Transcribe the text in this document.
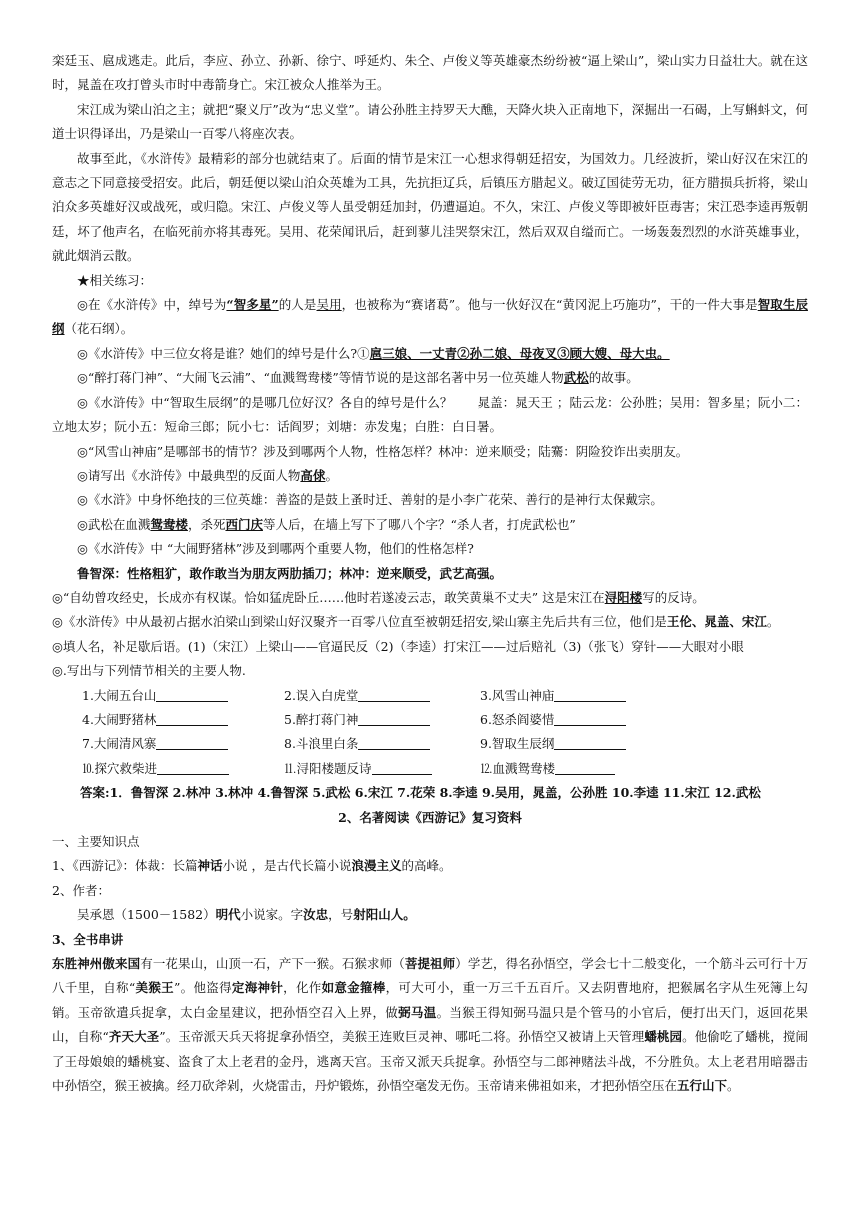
栾廷玉、扈成逃走。此后，李应、孙立、孙新、徐宁、呼延灼、朱仝、卢俊义等英雄豪杰纷纷被“逼上梁山”，梁山实力日益壮大。就在这时，晁盖在攻打曾头市时中毒箭身亡。宋江被众人推举为王。

宋江成为梁山泊之主；就把“聚义厅”改为“忠义堂”。请公孙胜主持罗天大醮，天降火块入正南地下，深掘出一石碣，上写蝌蚪文，何道士识得译出，乃是梁山一百零八将座次表。

故事至此，《水浒传》最精彩的部分也就结束了。后面的情节是宋江一心想求得朝廷招安，为国效力。几经波折，梁山好汉在宋江的意志之下同意接受招安。此后，朝廷便以梁山泊众英雄为工具，先抗拒辽兵，后镇压方腊起义。破辽国徒劳无功，征方腊损兵折将，梁山泊众多英雄好汉或战死，或归隐。宋江、卢俊义等人虽受朝廷加封，仍遭逼迫。不久，宋江、卢俊义等即被奸臣毒害；宋江恐李逵再叛朝廷，坏了他声名，在临死前亦将其毒死。吴用、花荣闻讯后，赶到蓼儿洼哭祭宋江，然后双双自缢而亡。一场轰轰烈烈的水浒英雄事业，就此烟消云散。

★相关练习：

◎在《水浒传》中，绰号为“智多星”的人是吴用，也被称为“赛诸葛”。他与一伙好汉在“黄冈泥上巧施功”，干的一件大事是智取生辰纲（花石纲）。

◎《水浒传》中三位女将是谁？她们的绰号是什么?①扈三娘、一丈青②孙二娘、母夜叉③顾大嫂、母大虫。

◎“醉打蒋门神”、“大闹飞云浦”、“血溅鸳鸯楼”等情节说的是这部名著中另一位英雄人物武松的故事。

◎《水浒传》中“智取生辰纲”的是哪几位好汉？各自的绰号是什么？　　晁盖：晁天王 ；陆云龙：公孙胜；吴用：智多星；阮小二：立地太岁；阮小五：短命三郎；阮小七：话阎罗；刘塘：赤发鬼；白胜：白日暑。

◎“风雪山神庙”是哪部书的情节？涉及到哪两个人物，性格怎样？林冲：逆来顺受；陆騫：阴险狡诈出卖朋友。

◎请写出《水浒传》中最典型的反面人物高俅。

◎《水浒》中身怀绝技的三位英雄：善盗的是鼓上蚤时迁、善射的是小李广花荣、善行的是神行太保戴宗。

◎武松在血溅鸳鸯楼，杀死西门庆等人后，在墙上写下了哪八个字？“杀人者，打虎武松也”

◎《水浒传》中 “大闹野猪林”涉及到哪两个重要人物，他们的性格怎样?

鲁智深：性格粗犷，敢作敢当为朋友两肋插刀；林冲：逆来顺受，武艺高强。

◎“自幼曾攻经史，长成亦有权谋。恰如猛虎卧丘……他时若遂凌云志，敢笑黄巢不丈夫” 这是宋江在浔阳楼写的反诗。

◎《水浒传》中从最初占据水泊梁山到梁山好汉聚齐一百零八位直至被朝廷招安,梁山寨主先后共有三位，他们是王伦、晁盖、宋江。

◎填人名，补足歇后语。(1)（宋江）上梁山——官逼民反（2)（李逵）打宋江——过后赔礼（3)（张飞）穿针——大眼对小眼

◎.写出与下列情节相关的主要人物.

1.大闹五台山	2.误入白虎堂	3.风雪山神庙
4.大闹野猪林	5.醉打蒋门神	6.怒杀阎婆惜
7.大闹清风寨	8.斗浪里白条	9.智取生辰纲
⒑探穴救柴进	⒒浔阳楼题反诗	⒓血溅鸳鸯楼

答案:1．鲁智深 2.林冲 3.林冲 4.鲁智深 5.武松 6.宋江 7.花荣 8.李逵 9.吴用，晁盖，公孙胜 10.李逵 11.宋江 12.武松

2、名著阅读《西游记》复习资料

一、主要知识点

1、《西游记》：体裁：长篇神话小说 ，是古代长篇小说浪漫主义的高峰。

2、作者：

吴承恩（1500－1582）明代小说家。字汝忠，号射阳山人。

3、全书串讲

东胜神州傲来国有一花果山，山顶一石，产下一猴。石猴求师（菩提祖师）学艺，得名孙悟空，学会七十二般变化，一个筋斗云可行十万八千里，自称“美猴王”。他盗得定海神针，化作如意金箍棒，可大可小，重一万三千五百斤。又去阴曹地府，把猴属名字从生死簿上勾销。玉帝欲遣兵捉拿，太白金星建议，把孙悟空召入上界，做弼马温。当猴王得知弼马温只是个管马的小官后，便打出天门，返回花果山，自称“齐天大圣”。玉帝派天兵天将捉拿孙悟空，美猴王连败巨灵神、哪吒二将。孙悟空又被请上天管理蟠桃园。他偷吃了蟠桃，搅闹了王母娘娘的蟠桃宴、盗食了太上老君的金丹，逃离天宫。玉帝又派天兵捉拿。孙悟空与二郎神赌法斗战，不分胜负。太上老君用暗器击中孙悟空，猴王被擒。经刀砍斧剁，火烧雷击，丹炉锻炼，孙悟空毫发无伤。玉帝请来佛祖如来，才把孙悟空压在五行山下。
